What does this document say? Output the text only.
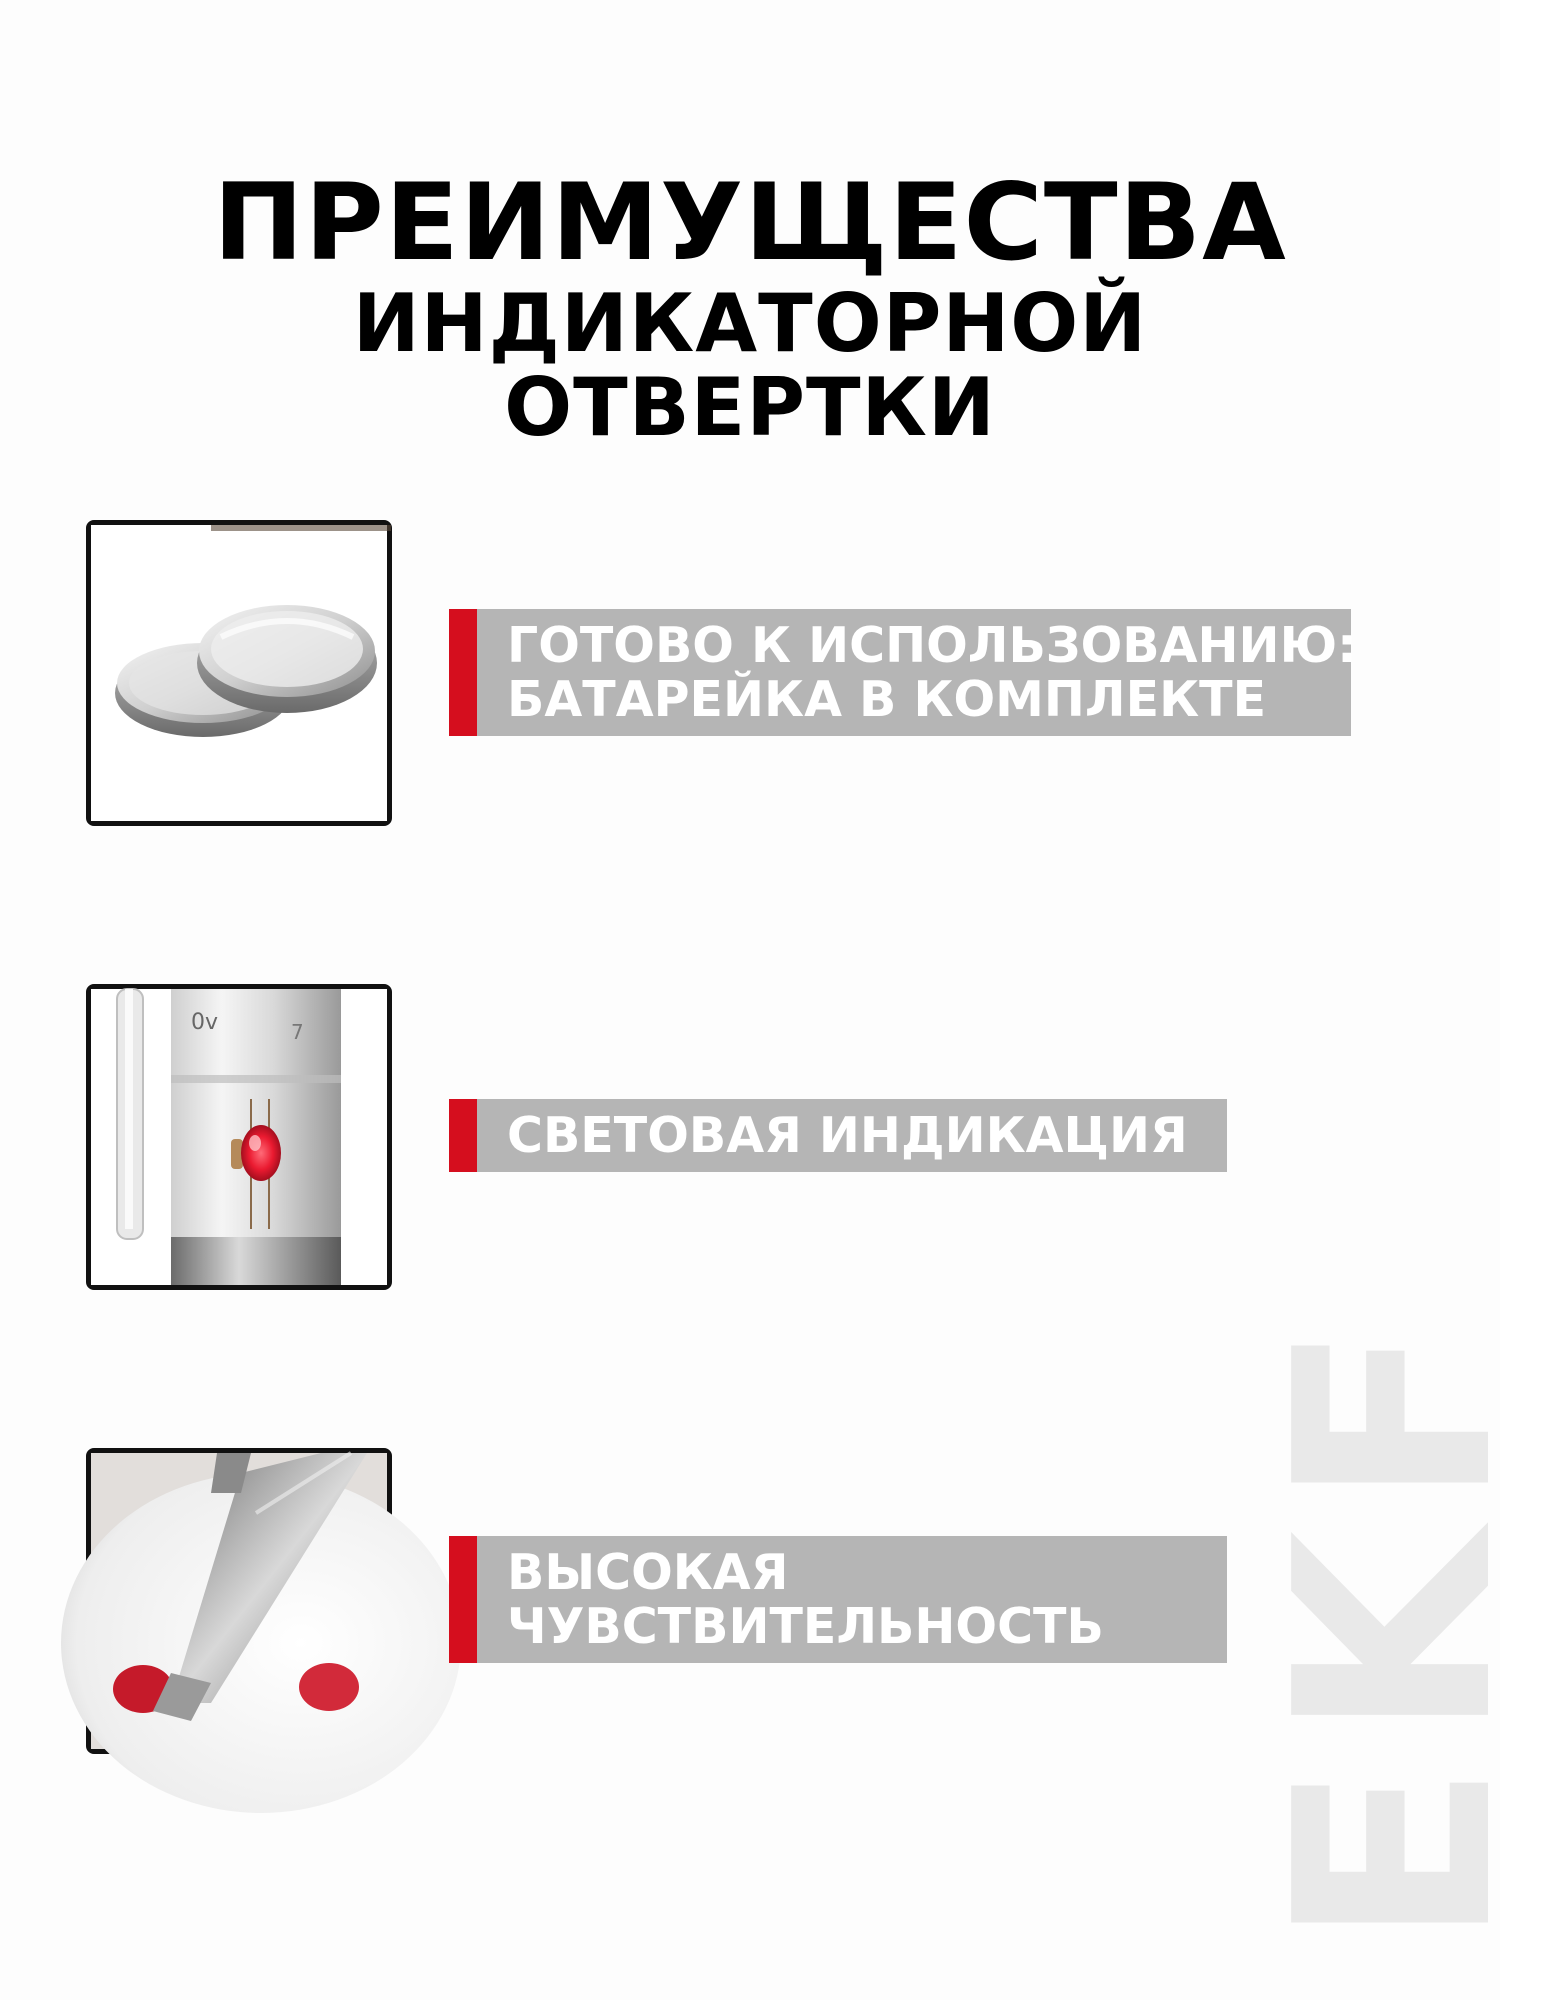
ПРЕИМУЩЕСТВА
ИНДИКАТОРНОЙ
ОТВЕРТКИ
ГОТОВО К ИСПОЛЬЗОВАНИЮ:
БАТАРЕЙКА В КОМПЛЕКТЕ
0v	7
СВЕТОВАЯ ИНДИКАЦИЯ
ВЫСОКАЯ
ЧУВСТВИТЕЛЬНОСТЬ
E
K
F
